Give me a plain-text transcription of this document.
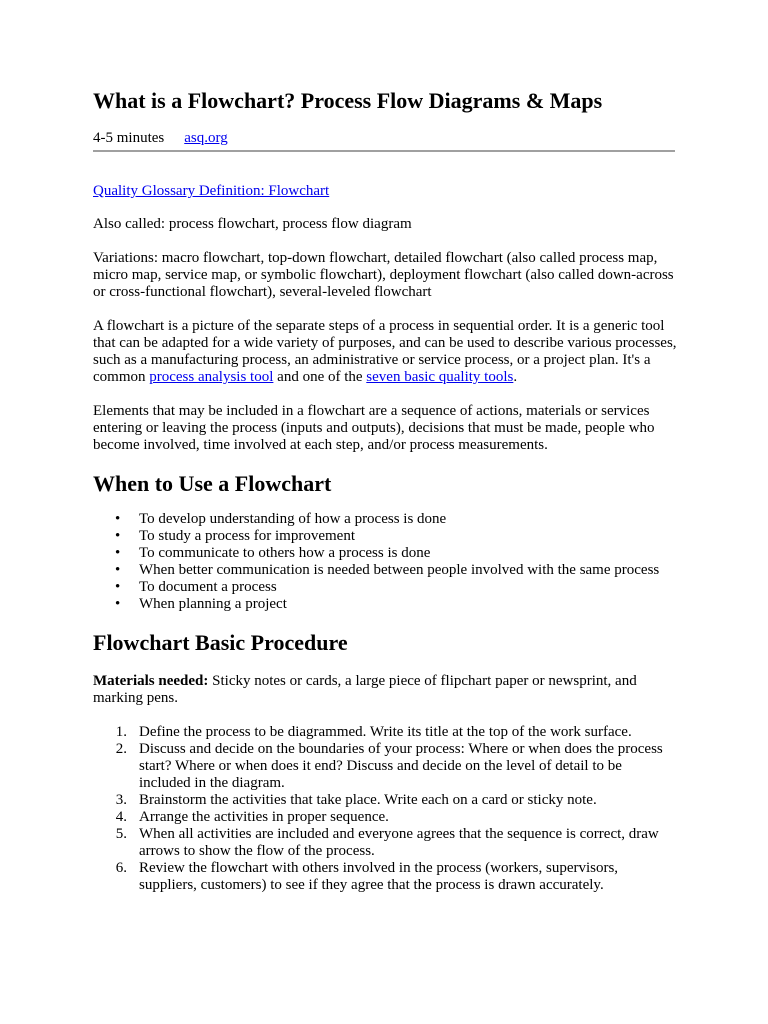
What is a Flowchart? Process Flow Diagrams & Maps
4-5 minutes asq.org

Quality Glossary Definition: Flowchart

Also called: process flowchart, process flow diagram

Variations: macro flowchart, top-down flowchart, detailed flowchart (also called process map, micro map, service map, or symbolic flowchart), deployment flowchart (also called down-across or cross-functional flowchart), several-leveled flowchart

A flowchart is a picture of the separate steps of a process in sequential order. It is a generic tool that can be adapted for a wide variety of purposes, and can be used to describe various processes, such as a manufacturing process, an administrative or service process, or a project plan. It's a common process analysis tool and one of the seven basic quality tools.

Elements that may be included in a flowchart are a sequence of actions, materials or services entering or leaving the process (inputs and outputs), decisions that must be made, people who become involved, time involved at each step, and/or process measurements.

When to Use a Flowchart
• To develop understanding of how a process is done
• To study a process for improvement
• To communicate to others how a process is done
• When better communication is needed between people involved with the same process
• To document a process
• When planning a project
Flowchart Basic Procedure

Materials needed: Sticky notes or cards, a large piece of flipchart paper or newsprint, and marking pens.

1. Define the process to be diagrammed. Write its title at the top of the work surface.
2. Discuss and decide on the boundaries of your process: Where or when does the process start? Where or when does it end? Discuss and decide on the level of detail to be included in the diagram.
3. Brainstorm the activities that take place. Write each on a card or sticky note.
4. Arrange the activities in proper sequence.
5. When all activities are included and everyone agrees that the sequence is correct, draw arrows to show the flow of the process.
6. Review the flowchart with others involved in the process (workers, supervisors, suppliers, customers) to see if they agree that the process is drawn accurately.
